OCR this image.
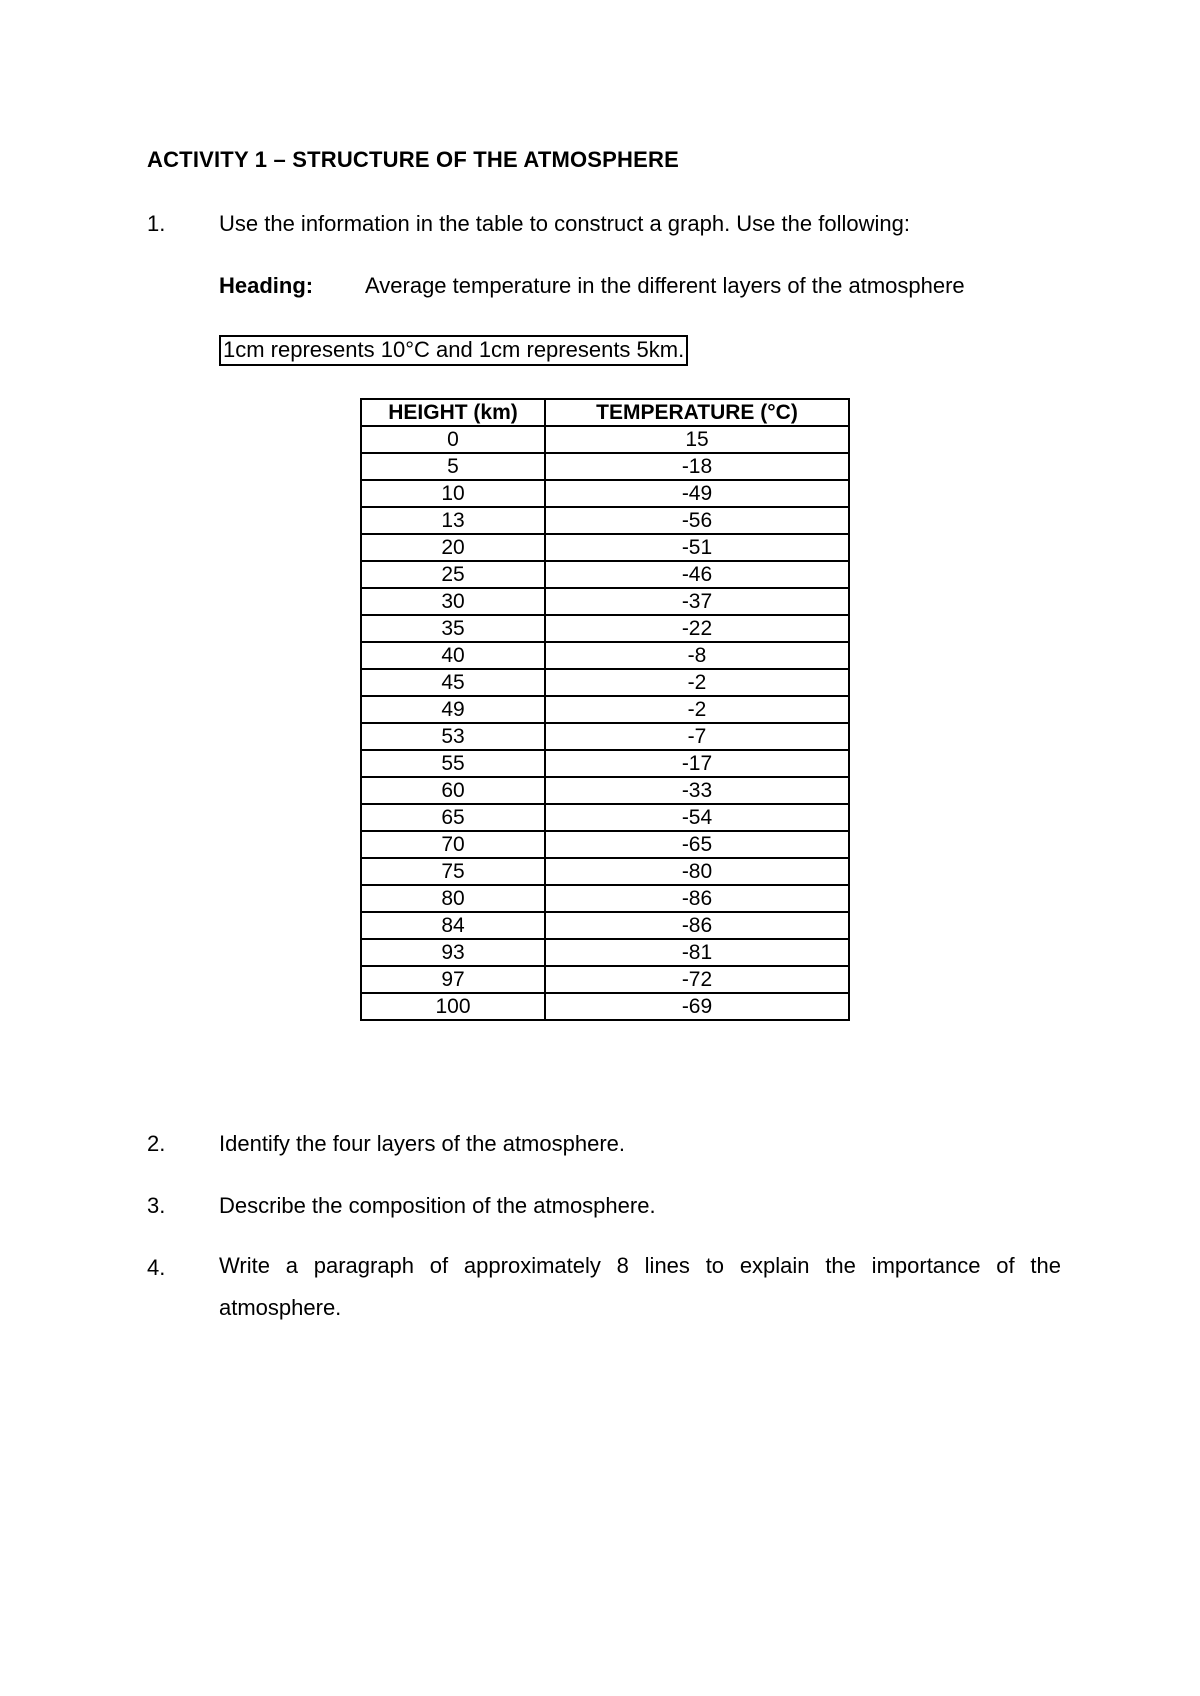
ACTIVITY 1 – STRUCTURE OF THE ATMOSPHERE
1. Use the information in the table to construct a graph. Use the following:
Heading: Average temperature in the different layers of the atmosphere
1cm represents 10°C and 1cm represents 5km.
HEIGHT (km)	TEMPERATURE (°C)
0	15
5	-18
10	-49
13	-56
20	-51
25	-46
30	-37
35	-22
40	-8
45	-2
49	-2
53	-7
55	-17
60	-33
65	-54
70	-65
75	-80
80	-86
84	-86
93	-81
97	-72
100	-69
2. Identify the four layers of the atmosphere.
3. Describe the composition of the atmosphere.
4. Write a paragraph of approximately 8 lines to explain the importance of the atmosphere.
